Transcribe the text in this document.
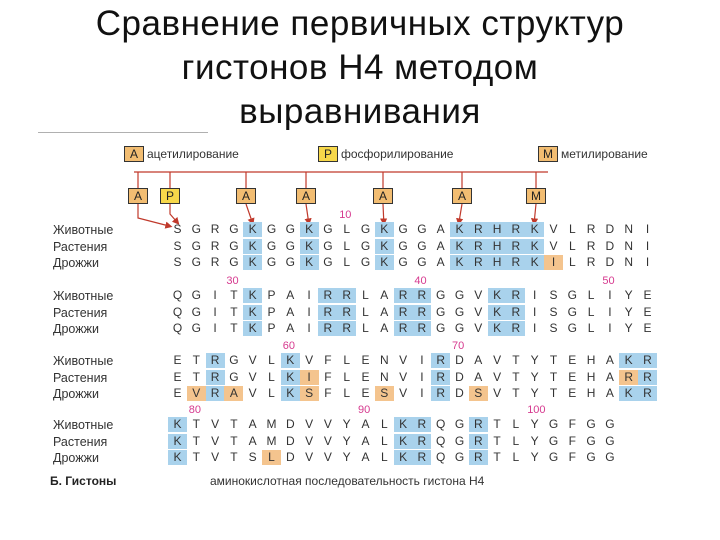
Сравнение первичных структур
гистонов Н4 методом
выравнивания
A ацетилирование	P фосфорилирование	M метилирование
A	P	A	A	A	A	M
10
Животные	S G R G K G G K G L G K G G A K R H R K V L R D N	I
Растения	S G R G K G G K G L G K G G A K R H R K V L R D N	I
Дрожжи	S G R G K G G K G L G K G G A K R H R K	I	L R D N	I
30	40	50
Животные	Q G	I	T K P A	I	R R L A R R G G V K R	I	S G L	I	Y E
Растения	Q G	I	T K P A	I	R R L A R R G G V K R	I	S G L	I	Y E
Дрожжи	Q G	I	T K P A	I	R R L A R R G G V K R	I	S G L	I	Y E
60	70
Животные	E T R G V L K V F L E N V	I	R D A V T Y T E H A K R
Растения	E T R G V L K	I	F L E N V	I	R D A V T Y T E H A R R
Дрожжи	E V R A V L K S F L E S V	I	R D S V T Y T E H A K R
80	90	100
Животные	K T V T A M D V V Y A L K R Q G R T L Y G F G G
Растения	K T V T A M D V V Y A L K R Q G R T L Y G F G G
Дрожжи	K T V T S L D V V Y A L K R Q G R T L Y G F G G
Б. Гистоны	аминокислотная последовательность гистона Н4
